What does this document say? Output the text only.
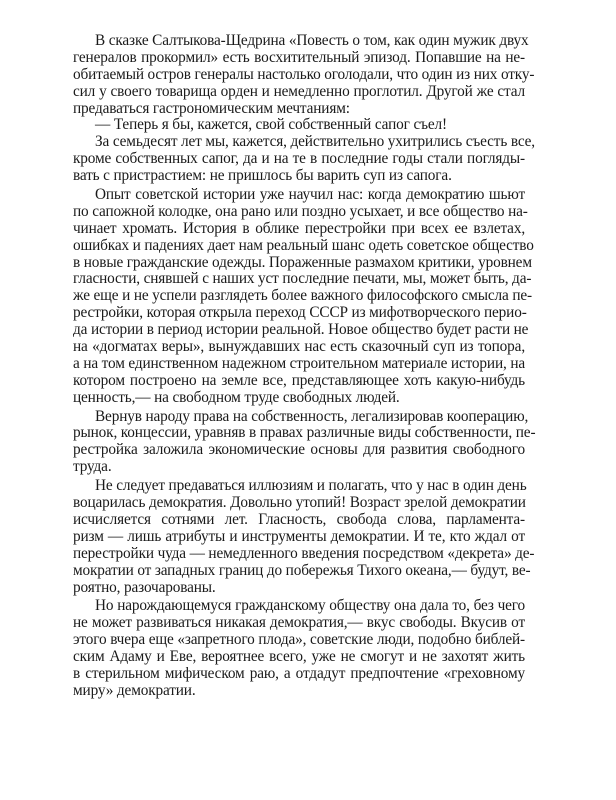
В сказке Салтыкова-Щедрина «Повесть о том, как один мужик двух
генералов прокормил» есть восхитительный эпизод. Попавшие на не-
обитаемый остров генералы настолько оголодали, что один из них отку-
сил у своего товарища орден и немедленно проглотил. Другой же стал
предаваться гастрономическим мечтаниям:
— Теперь я бы, кажется, свой собственный сапог съел!
За семьдесят лет мы, кажется, действительно ухитрились съесть все,
кроме собственных сапог, да и на те в последние годы стали погляды-
вать с пристрастием: не пришлось бы варить суп из сапога.
Опыт советской истории уже научил нас: когда демократию шьют
по сапожной колодке, она рано или поздно усыхает, и все общество на-
чинает хромать. История в облике перестройки при всех ее взлетах,
ошибках и падениях дает нам реальный шанс одеть советское общество
в новые гражданские одежды. Пораженные размахом критики, уровнем
гласности, снявшей с наших уст последние печати, мы, может быть, да-
же еще и не успели разглядеть более важного философского смысла пе-
рестройки, которая открыла переход СССР из мифотворческого перио-
да истории в период истории реальной. Новое общество будет расти не
на «догматах веры», вынуждавших нас есть сказочный суп из топора,
а на том единственном надежном строительном материале истории, на
котором построено на земле все, представляющее хоть какую-нибудь
ценность,— на свободном труде свободных людей.
Вернув народу права на собственность, легализировав кооперацию,
рынок, концессии, уравняв в правах различные виды собственности, пе-
рестройка заложила экономические основы для развития свободного
труда.
Не следует предаваться иллюзиям и полагать, что у нас в один день
воцарилась демократия. Довольно утопий! Возраст зрелой демократии
исчисляется сотнями лет. Гласность, свобода слова, парламента-
ризм — лишь атрибуты и инструменты демократии. И те, кто ждал от
перестройки чуда — немедленного введения посредством «декрета» де-
мократии от западных границ до побережья Тихого океана,— будут, ве-
роятно, разочарованы.
Но нарождающемуся гражданскому обществу она дала то, без чего
не может развиваться никакая демократия,— вкус свободы. Вкусив от
этого вчера еще «запретного плода», советские люди, подобно библей-
ским Адаму и Еве, вероятнее всего, уже не смогут и не захотят жить
в стерильном мифическом раю, а отдадут предпочтение «греховному
миру» демократии.
